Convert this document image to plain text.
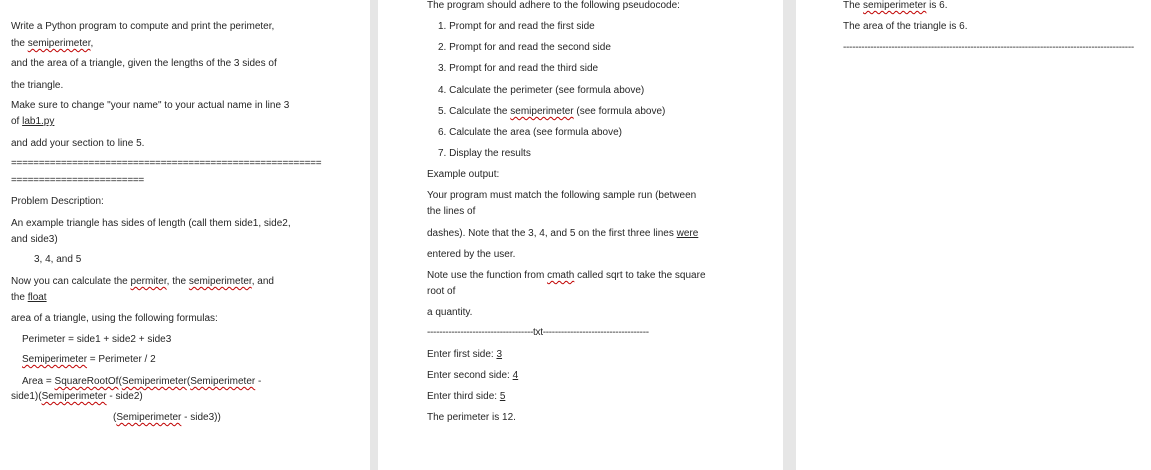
Write a Python program to compute and print the perimeter,
the semiperimeter,
and the area of a triangle, given the lengths of the 3 sides of
the triangle.
Make sure to change "your name" to your actual name in line 3
of lab1.py
and add your section to line 5.
========================================================
========================
Problem Description:
An example triangle has sides of length (call them side1, side2,
and side3)
3, 4, and 5
Now you can calculate the permiter, the semiperimeter, and
the float
area of a triangle, using the following formulas:
Perimeter = side1 + side2 + side3
Semiperimeter = Perimeter / 2
Area = SquareRootOf(Semiperimeter(Semiperimeter -
side1)(Semiperimeter - side2)
(Semiperimeter - side3))
The program should adhere to the following pseudocode:
1. Prompt for and read the first side
2. Prompt for and read the second side
3. Prompt for and read the third side
4. Calculate the perimeter (see formula above)
5. Calculate the semiperimeter (see formula above)
6. Calculate the area (see formula above)
7. Display the results
Example output:
Your program must match the following sample run (between
the lines of
dashes). Note that the 3, 4, and 5 on the first three lines were
entered by the user.
Note use the function from cmath called sqrt to take the square
root of
a quantity.
-----------------------------------txt-----------------------------------
Enter first side: 3
Enter second side: 4
Enter third side: 5
The perimeter is 12.
The semiperimeter is 6.
The area of the triangle is 6.
------------------------------------------------------------------------------------------------
